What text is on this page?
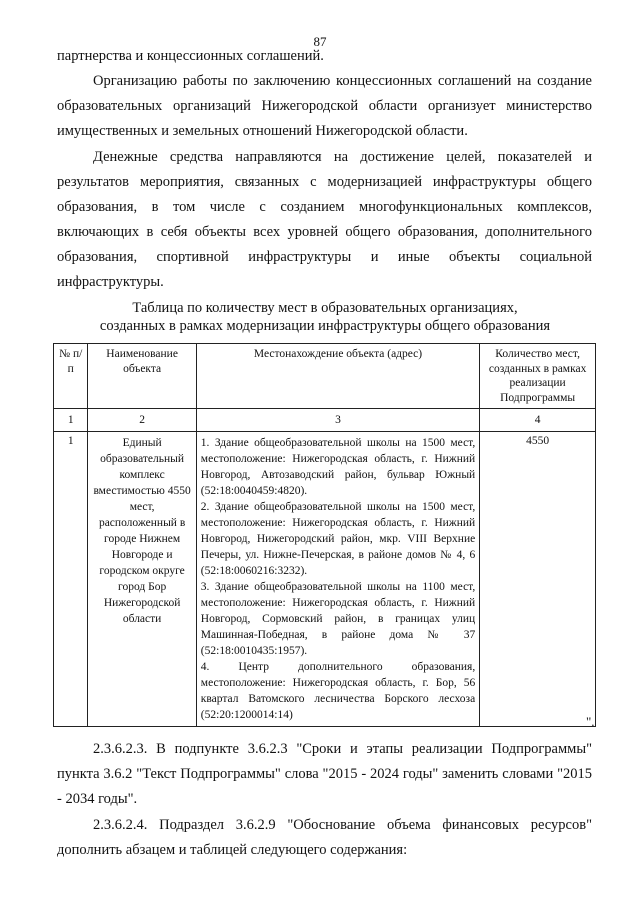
87

партнерства и концессионных соглашений.

Организацию работы по заключению концессионных соглашений на создание образовательных организаций Нижегородской области организует министерство имущественных и земельных отношений Нижегородской области.

Денежные средства направляются на достижение целей, показателей и результатов мероприятия, связанных с модернизацией инфраструктуры общего образования, в том числе с созданием многофункциональных комплексов, включающих в себя объекты всех уровней общего образования, дополнительного образования, спортивной инфраструктуры и иные объекты социальной инфраструктуры.

Таблица по количеству мест в образовательных организациях,
созданных в рамках модернизации инфраструктуры общего образования
№ п/п	Наименование объекта	Местонахождение объекта (адрес)	Количество мест, созданных в рамках реализации Подпрограммы
1	2	3	4
1	Единый образовательный комплекс вместимостью 4550 мест, расположенный в городе Нижнем Новгороде и городском округе город Бор Нижегородской области	1. Здание общеобразовательной школы на 1500 мест, местоположение: Нижегородская область, г. Нижний Новгород, Автозаводский район, бульвар Южный (52:18:0040459:4820).

2. Здание общеобразовательной школы на 1500 мест, местоположение: Нижегородская область, г. Нижний Новгород, Нижегородский район, мкр. VIII Верхние Печеры, ул. Нижне-Печерская, в районе домов № 4, 6 (52:18:0060216:3232).

3. Здание общеобразовательной школы на 1100 мест, местоположение: Нижегородская область, г. Нижний Новгород, Сормовский район, в границах улиц Машинная-Победная, в районе дома № 37 (52:18:0010435:1957).

4. Центр дополнительного образования, местоположение: Нижегородская область, г. Бор, 56 квартал Ватомского лесничества Борского лесхоза (52:20:1200014:14)	4550
".

2.3.6.2.3. В подпункте 3.6.2.3 "Сроки и этапы реализации Подпрограммы" пункта 3.6.2 "Текст Подпрограммы" слова "2015 - 2024 годы" заменить словами "2015 - 2034 годы".

2.3.6.2.4. Подраздел 3.6.2.9 "Обоснование объема финансовых ресурсов" дополнить абзацем и таблицей следующего содержания:
